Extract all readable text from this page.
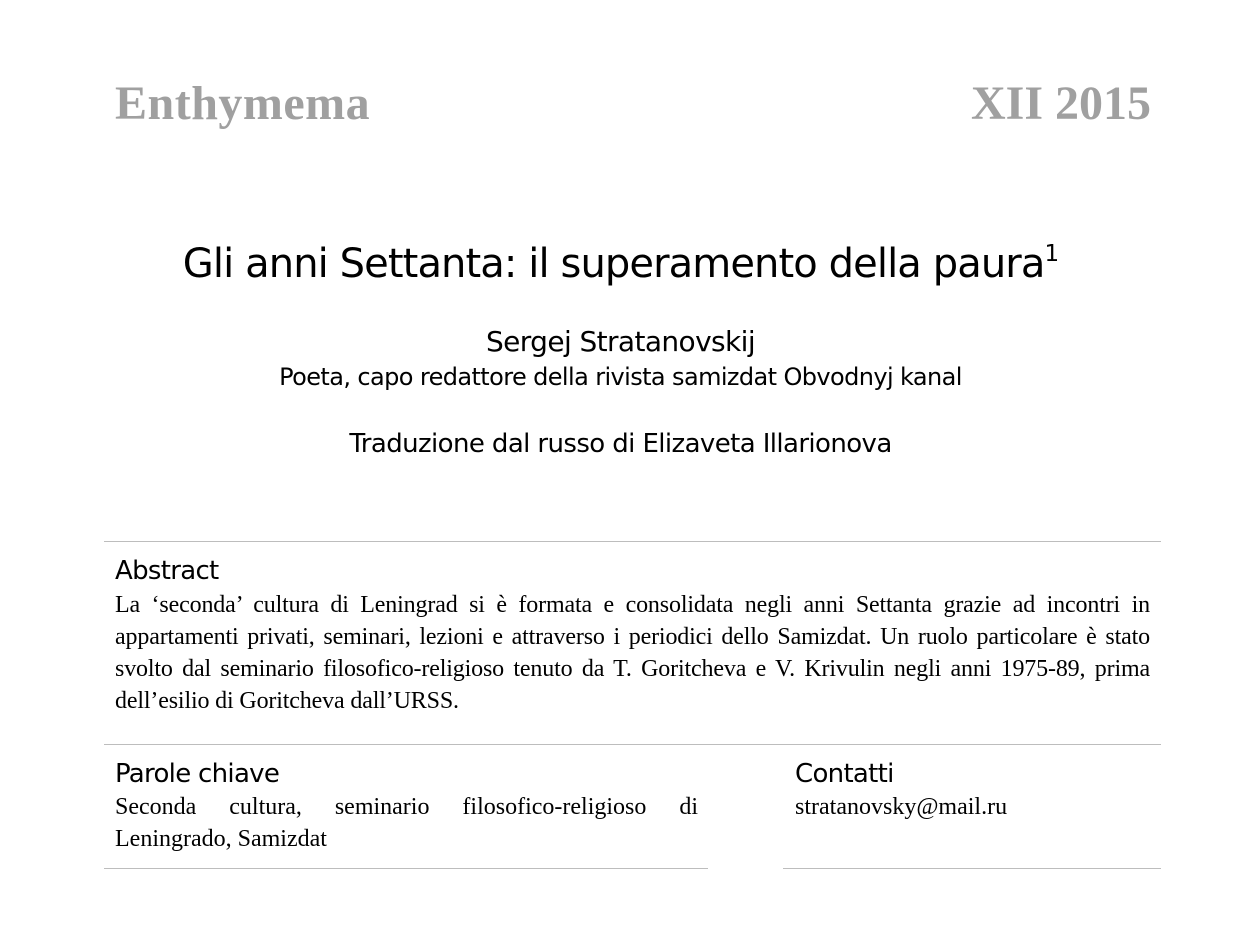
Enthymema	XII 2015
Gli anni Settanta: il superamento della paura$^1$
Sergej Stratanovskij
Poeta, capo redattore della rivista samizdat Obvodnyj kanal
Traduzione dal russo di Elizaveta Illarionova
Abstract
La ‘seconda’ cultura di Leningrad si è formata e consolidata negli anni Settanta grazie ad incontri in appartamenti privati, seminari, lezioni e attraverso i periodici dello Samizdat. Un ruolo particolare è stato svolto dal seminario filosofico-religioso tenuto da T. Goritcheva e V. Krivulin negli anni 1975-89, prima dell’esilio di Goritcheva dall’URSS.
Parole chiave
Seconda cultura, seminario filosofico-religioso di Leningrado, Samizdat
Contatti
stratanovsky@mail.ru
